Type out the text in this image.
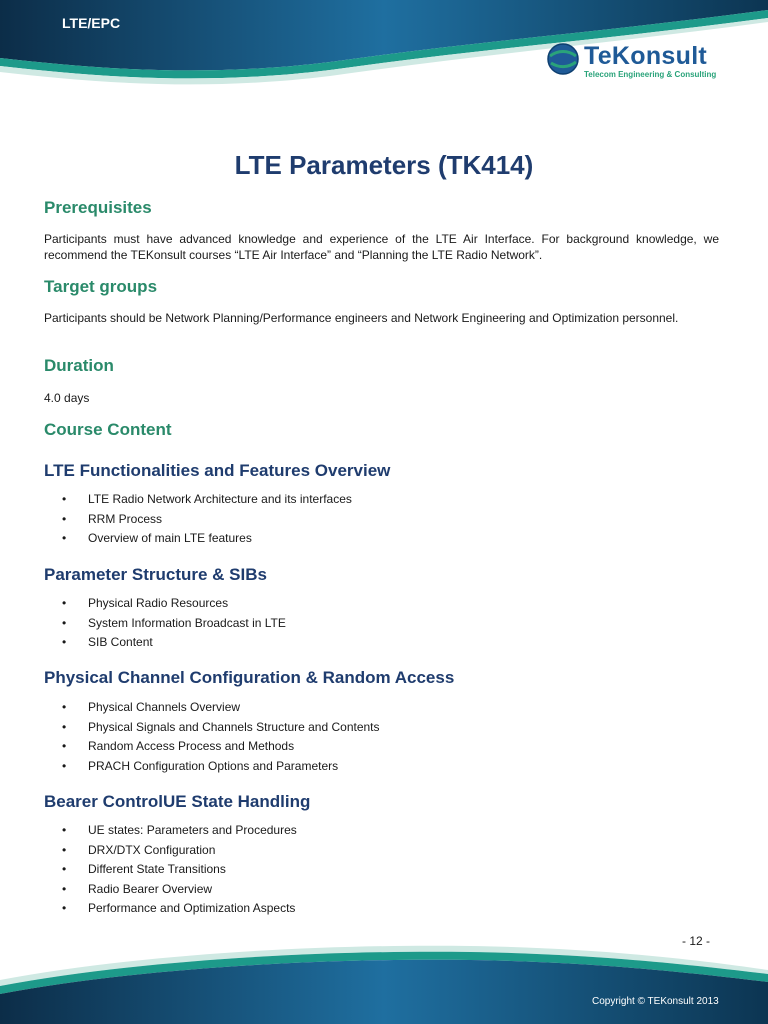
LTE/EPC
TeKonsult
Telecom Engineering & Consulting
LTE Parameters (TK414)
Prerequisites
Participants must have advanced knowledge and experience of the LTE Air Interface. For background knowledge, we recommend the TEKonsult courses “LTE Air Interface” and “Planning the LTE Radio Network”.
Target groups
Participants should be Network Planning/Performance engineers and Network Engineering and Optimization personnel.
Duration
4.0 days
Course Content
LTE Functionalities and Features Overview
• LTE Radio Network Architecture and its interfaces
• RRM Process
• Overview of main LTE features
Parameter Structure & SIBs
• Physical Radio Resources
• System Information Broadcast in LTE
• SIB Content
Physical Channel Configuration & Random Access
• Physical Channels Overview
• Physical Signals and Channels Structure and Contents
• Random Access Process and Methods
• PRACH Configuration Options and Parameters
Bearer ControlUE State Handling
• UE states: Parameters and Procedures
• DRX/DTX Configuration
• Different State Transitions
• Radio Bearer Overview
• Performance and Optimization Aspects
- 12 -
Copyright © TEKonsult 2013
